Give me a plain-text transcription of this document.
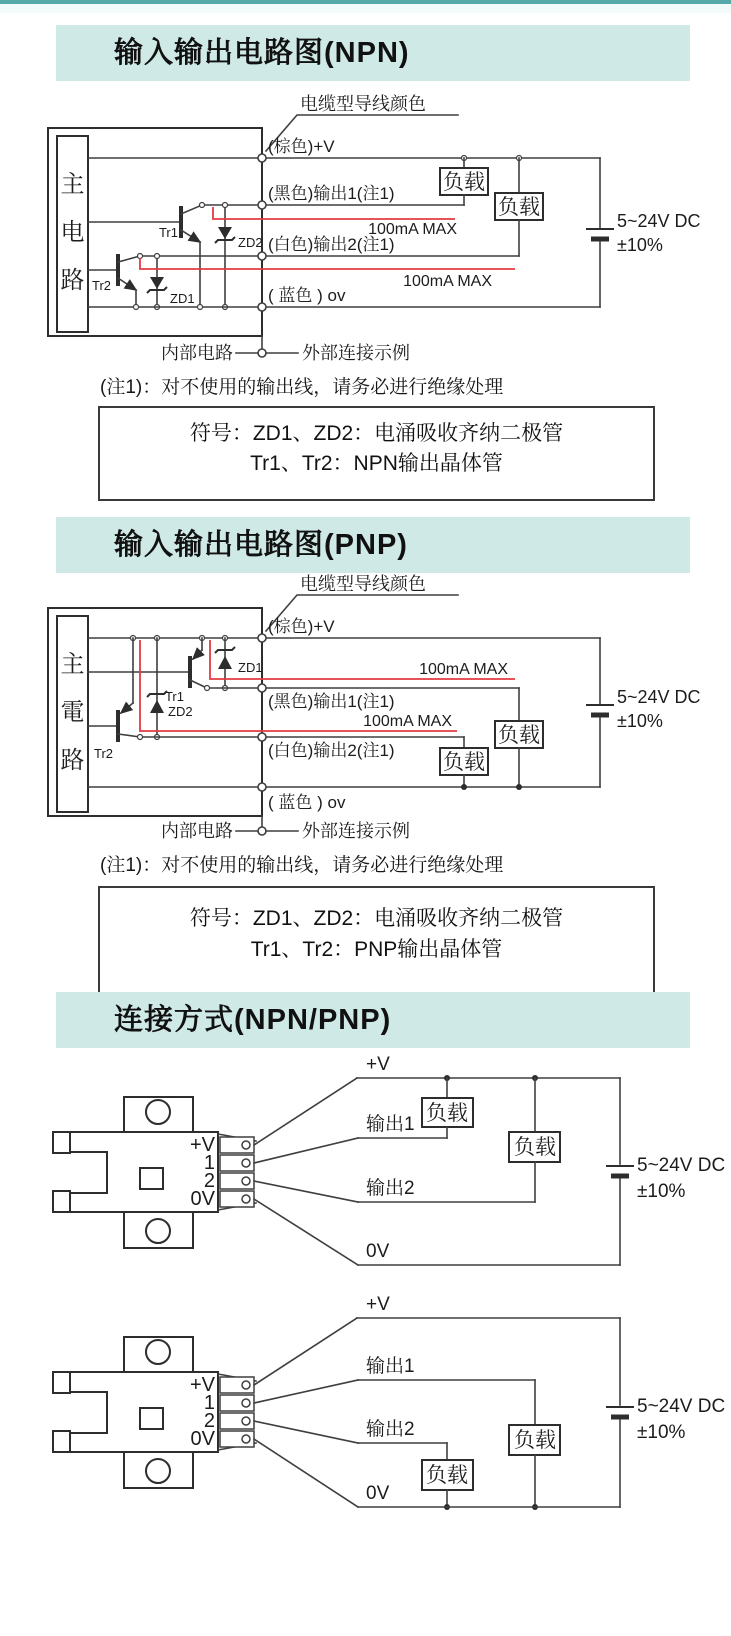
电缆型导线颜色
主
电
路
(棕色)+V
Tr1
(黑色)输出1(注1)
ZD2
100mA MAX
Tr2
(白色)输出2(注1)
ZD1
100mA MAX
( 蓝色 ) ov
负载
负载
5~24V DC
±10%
内部电路	外部连接示例
电缆型导线颜色
主
電
路
(棕色)+V
Tr1
ZD1	100mA MAX
(黑色)输出1(注1)
Tr2
ZD2
100mA MAX
(白色)输出2(注1)
( 蓝色 ) ov
负载
负载
5~24V DC
±10%
内部电路	外部连接示例
+V
1
2
0V
+V
负载
输出1
负载
输出2
0V
5~24V DC
±10%
+V
1
2
0V
+V
输出1
负载
输出2
负载
0V
5~24V DC
±10%
输入输出电路图(NPN)
(注1)：对不使用的输出线，请务必进行绝缘处理
符号：ZD1、ZD2：电涌吸收齐纳二极管
Tr1、Tr2：NPN输出晶体管
输入输出电路图(PNP)
(注1)：对不使用的输出线，请务必进行绝缘处理
符号：ZD1、ZD2：电涌吸收齐纳二极管
Tr1、Tr2：PNP输出晶体管
连接方式(NPN/PNP)
